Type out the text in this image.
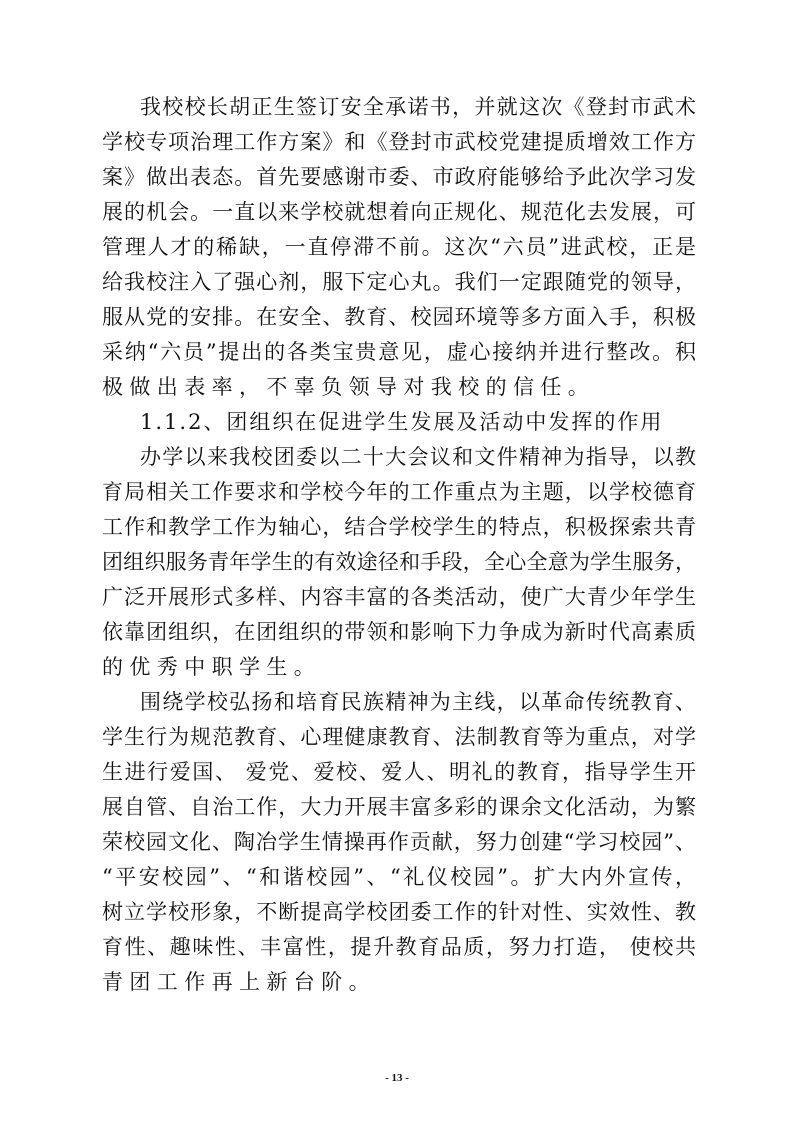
我校校长胡正生签订安全承诺书，并就这次《登封市武术
学校专项治理工作方案》和《登封市武校党建提质增效工作方
案》做出表态。首先要感谢市委、市政府能够给予此次学习发
展的机会。一直以来学校就想着向正规化、规范化去发展，可
管理人才的稀缺，一直停滞不前。这次“六员”进武校，正是
给我校注入了强心剂，服下定心丸。我们一定跟随党的领导，
服从党的安排。在安全、教育、校园环境等多方面入手，积极
采纳“六员”提出的各类宝贵意见，虚心接纳并进行整改。积
极做出表率，不辜负领导对我校的信任。
1.1.2、团组织在促进学生发展及活动中发挥的作用
办学以来我校团委以二十大会议和文件精神为指导，以教
育局相关工作要求和学校今年的工作重点为主题，以学校德育
工作和教学工作为轴心，结合学校学生的特点，积极探索共青
团组织服务青年学生的有效途径和手段，全心全意为学生服务，
广泛开展形式多样、内容丰富的各类活动，使广大青少年学生
依靠团组织，在团组织的带领和影响下力争成为新时代高素质
的优秀中职学生。
围绕学校弘扬和培育民族精神为主线，以革命传统教育、
学生行为规范教育、心理健康教育、法制教育等为重点，对学
生进行爱国、 爱党、爱校、爱人、明礼的教育，指导学生开
展自管、自治工作，大力开展丰富多彩的课余文化活动，为繁
荣校园文化、陶冶学生情操再作贡献，努力创建“学习校园”、
“平安校园”、“和谐校园”、“礼仪校园”。扩大内外宣传，
树立学校形象，不断提高学校团委工作的针对性、实效性、教
育性、趣味性、丰富性，提升教育品质，努力打造， 使校共
青团工作再上新台阶。
- 13 -
